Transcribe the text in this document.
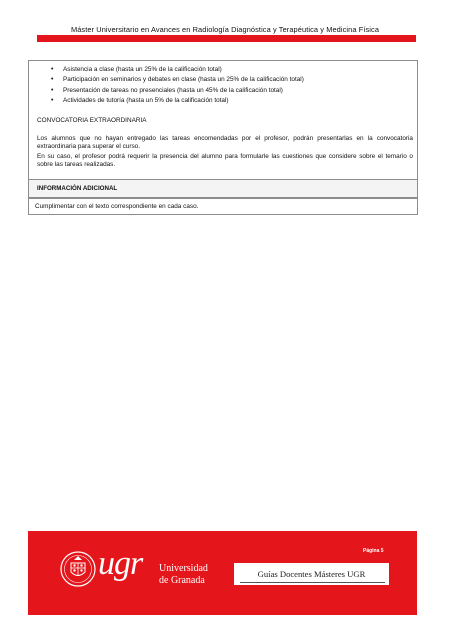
Máster Universitario en Avances en Radiología Diagnóstica y Terapéutica y Medicina Física
• Asistencia a clase (hasta un 25% de la calificación total)
• Participación en seminarios y debates en clase (hasta un 25% de la calificación total)
• Presentación de tareas no presenciales (hasta un 45% de la calificación total)
• Actividades de tutoría (hasta un 5% de la calificación total)
CONVOCATORIA EXTRAORDINARIA

Los alumnos que no hayan entregado las tareas encomendadas por el profesor, podrán presentarlas en la convocatoria extraordinaria para superar el curso.

En su caso, el profesor podrá requerir la presencia del alumno para formularle las cuestiones que considere sobre el temario o sobre las tareas realizadas.

INFORMACIÓN ADICIONAL
Cumplimentar con el texto correspondiente en cada caso.
Página 5
ugr Universidad
de Granada
Guías Docentes Másteres UGR
